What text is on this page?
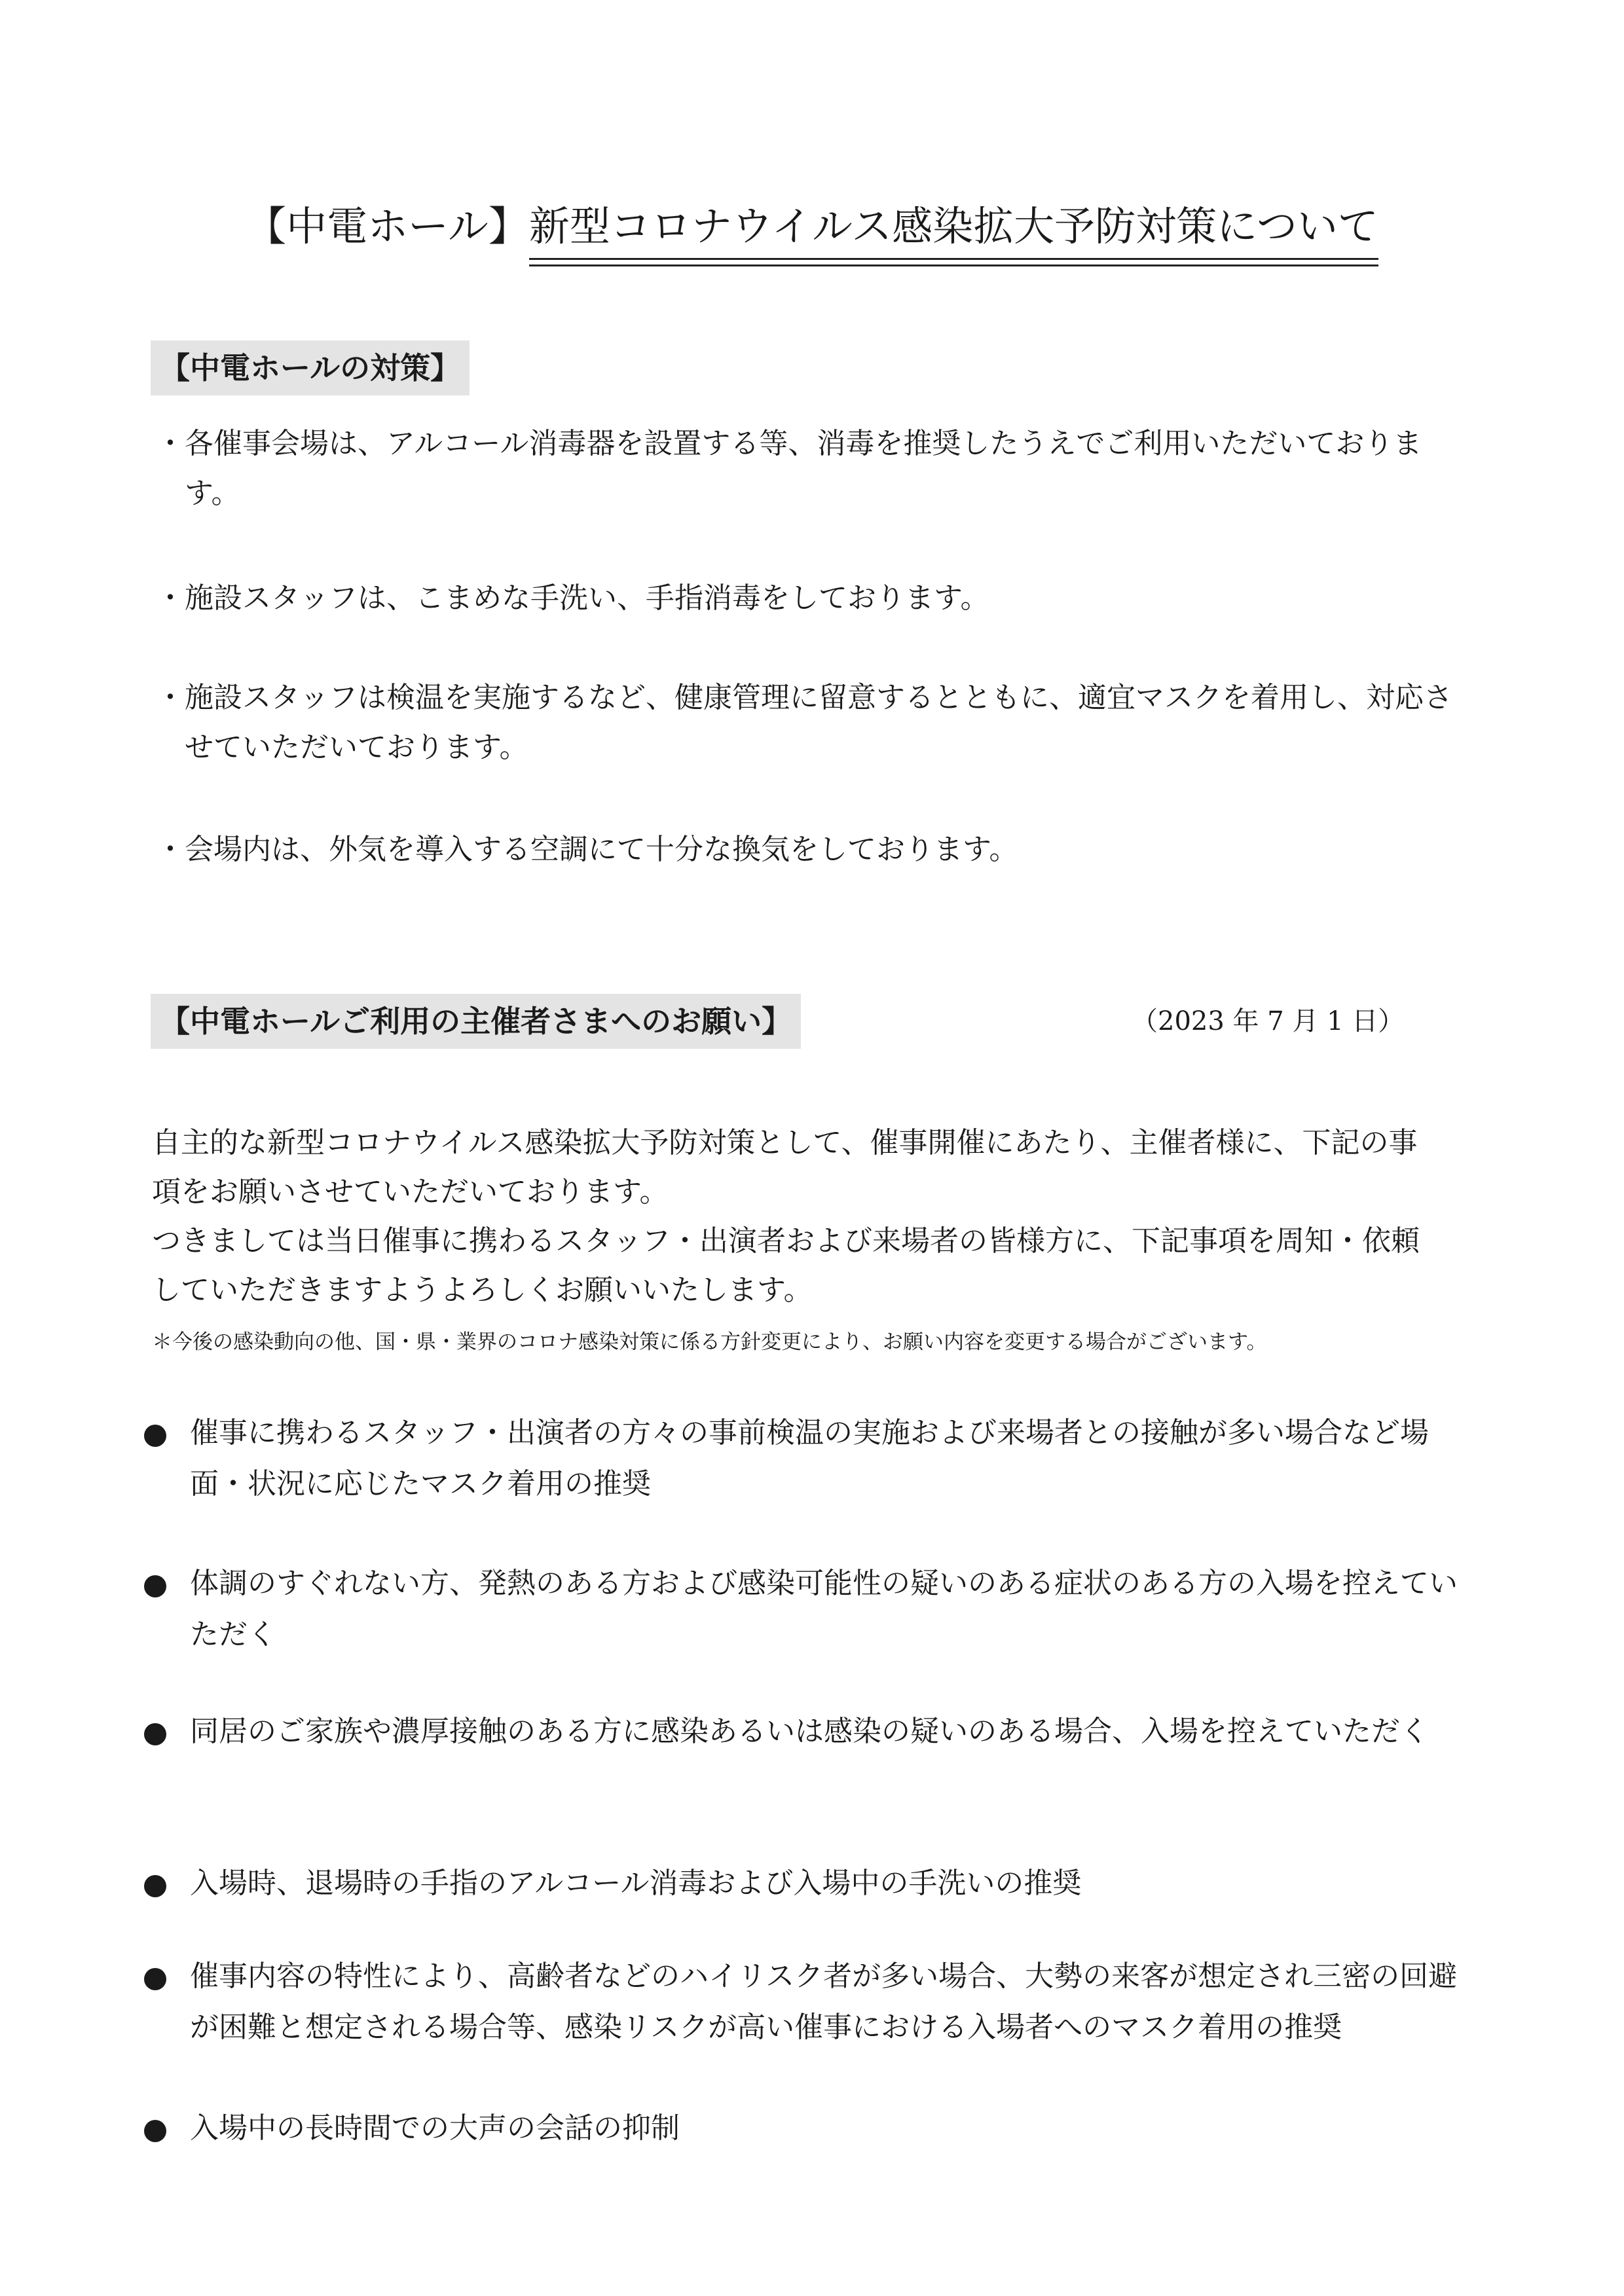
【中電ホール】新型コロナウイルス感染拡大予防対策について
【中電ホールの対策】
・ 各催事会場は、アルコール消毒器を設置する等、消毒を推奨したうえでご利用いただいております。
・ 施設スタッフは、こまめな手洗い、手指消毒をしております。
・ 施設スタッフは検温を実施するなど、健康管理に留意するとともに、適宜マスクを着用し、対応させていただいております。
・ 会場内は、外気を導入する空調にて十分な換気をしております。
【中電ホールご利用の主催者さまへのお願い】	（2023 年 7 月 1 日）
自主的な新型コロナウイルス感染拡大予防対策として、催事開催にあたり、主催者様に、下記の事項をお願いさせていただいております。
つきましては当日催事に携わるスタッフ・出演者および来場者の皆様方に、下記事項を周知・依頼していただきますようよろしくお願いいたします。
＊今後の感染動向の他、国・県・業界のコロナ感染対策に係る方針変更により、お願い内容を変更する場合がございます。
催事に携わるスタッフ・出演者の方々の事前検温の実施および来場者との接触が多い場合など場面・状況に応じたマスク着用の推奨
体調のすぐれない方、発熱のある方および感染可能性の疑いのある症状のある方の入場を控えていただく
同居のご家族や濃厚接触のある方に感染あるいは感染の疑いのある場合、入場を控えていただく
入場時、退場時の手指のアルコール消毒および入場中の手洗いの推奨
催事内容の特性により、高齢者などのハイリスク者が多い場合、大勢の来客が想定され三密の回避が困難と想定される場合等、感染リスクが高い催事における入場者へのマスク着用の推奨
入場中の長時間での大声の会話の抑制
